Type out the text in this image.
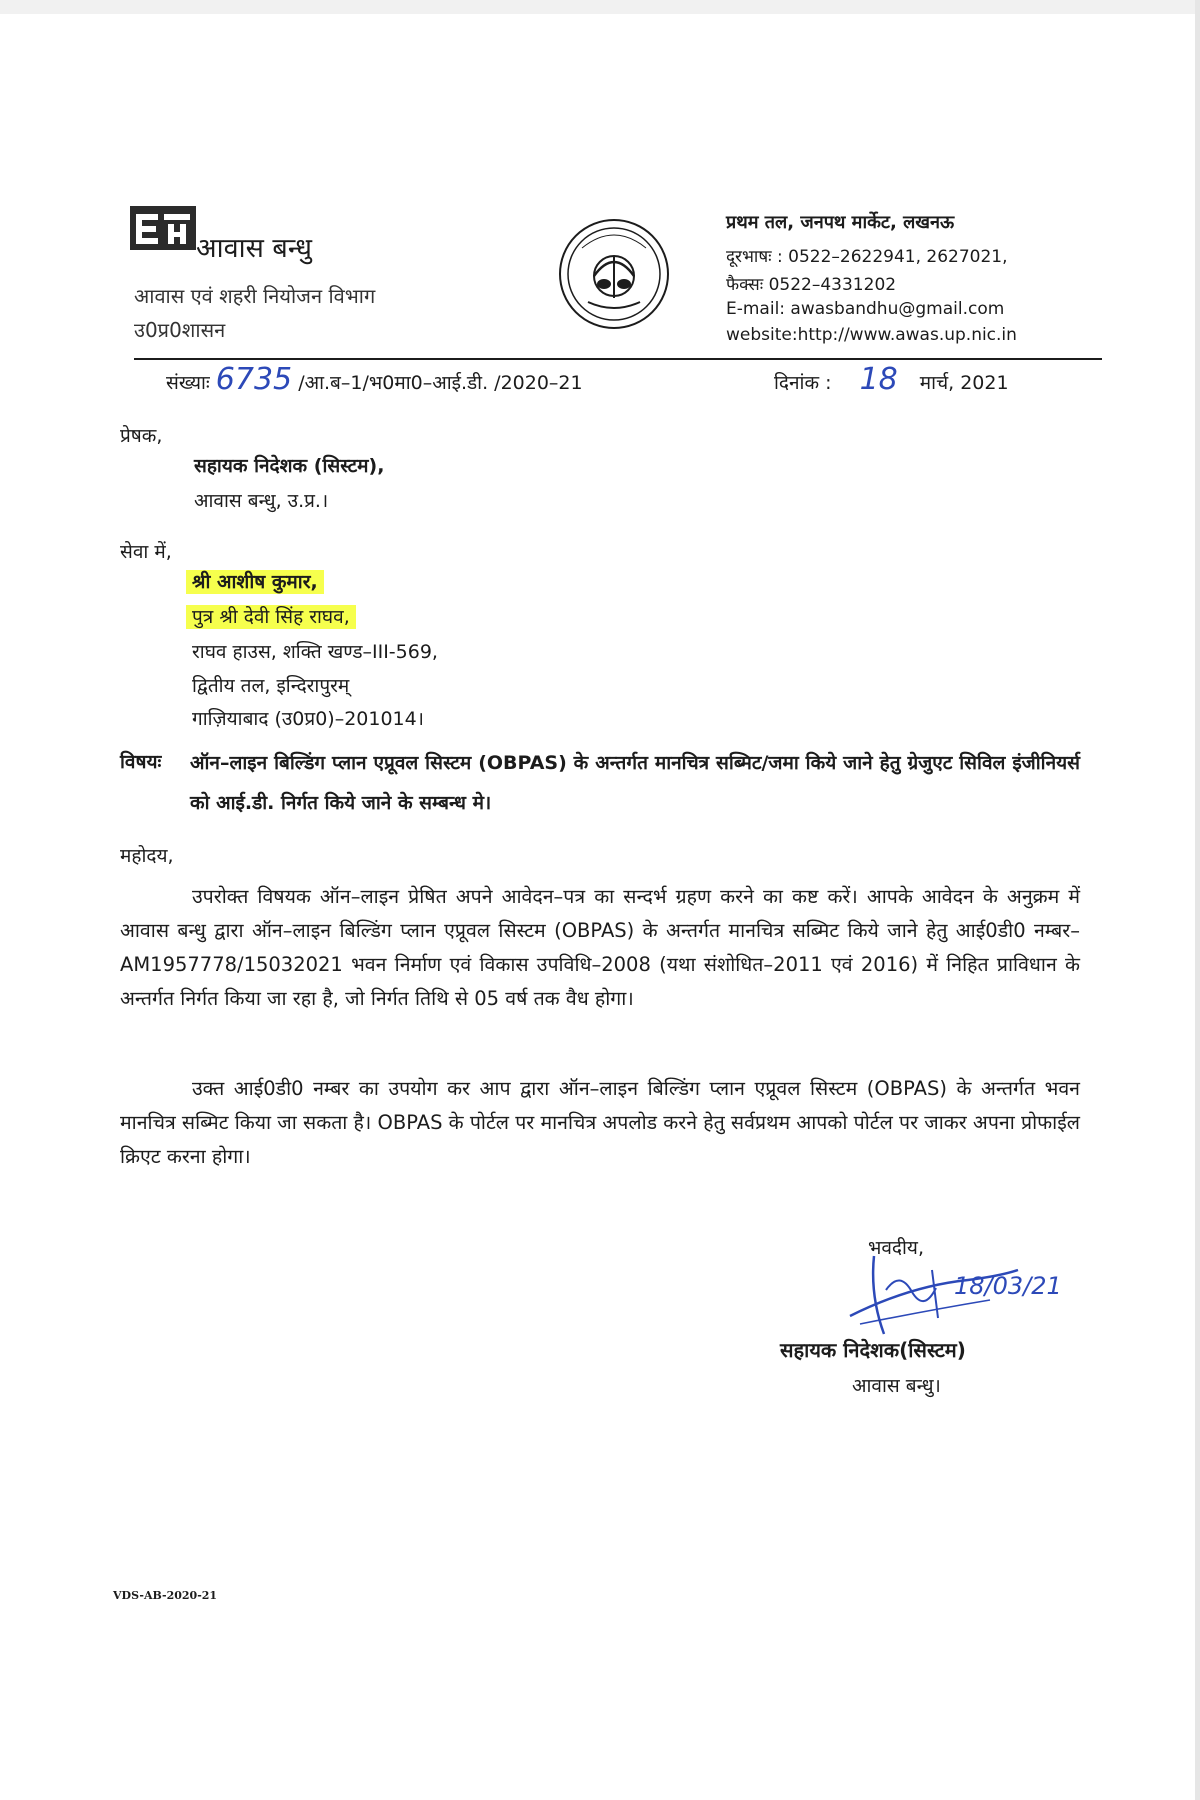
आवास बन्धु
आवास एवं शहरी नियोजन विभाग
उ0प्र0शासन
प्रथम तल, जनपथ मार्केट, लखनऊ
दूरभाषः : 0522–2622941, 2627021,
फैक्सः 0522–4331202
E-mail: awasbandhu@gmail.com
website:http://www.awas.up.nic.in
संख्याः 6735 /आ.ब–1/भ0मा0–आई.डी. /2020–21	दिनांक : 18 मार्च, 2021
प्रेषक,
सहायक निदेशक (सिस्टम),
आवास बन्धु, उ.प्र.।
सेवा में,
श्री आशीष कुमार,
पुत्र श्री देवी सिंह राघव,
राघव हाउस, शक्ति खण्ड–III-569,
द्वितीय तल, इन्दिरापुरम्
गाज़ियाबाद (उ0प्र0)–201014।
विषयः ऑन–लाइन बिल्डिंग प्लान एप्रूवल सिस्टम (OBPAS) के अन्तर्गत मानचित्र सब्मिट/जमा किये जाने हेतु ग्रेजुएट सिविल इंजीनियर्स को आई.डी. निर्गत किये जाने के सम्बन्ध मे।
महोदय,
उपरोक्त विषयक ऑन–लाइन प्रेषित अपने आवेदन–पत्र का सन्दर्भ ग्रहण करने का कष्ट करें। आपके आवेदन के अनुक्रम में आवास बन्धु द्वारा ऑन–लाइन बिल्डिंग प्लान एप्रूवल सिस्टम (OBPAS) के अन्तर्गत मानचित्र सब्मिट किये जाने हेतु आई0डी0 नम्बर– AM1957778/15032021 भवन निर्माण एवं विकास उपविधि–2008 (यथा संशोधित–2011 एवं 2016) में निहित प्राविधान के अन्तर्गत निर्गत किया जा रहा है, जो निर्गत तिथि से 05 वर्ष तक वैध होगा।
उक्त आई0डी0 नम्बर का उपयोग कर आप द्वारा ऑन–लाइन बिल्डिंग प्लान एप्रूवल सिस्टम (OBPAS) के अन्तर्गत भवन मानचित्र सब्मिट किया जा सकता है। OBPAS के पोर्टल पर मानचित्र अपलोड करने हेतु सर्वप्रथम आपको पोर्टल पर जाकर अपना प्रोफाईल क्रिएट करना होगा।
भवदीय,
18/03/21
सहायक निदेशक(सिस्टम)
आवास बन्धु।
VDS-AB-2020-21
